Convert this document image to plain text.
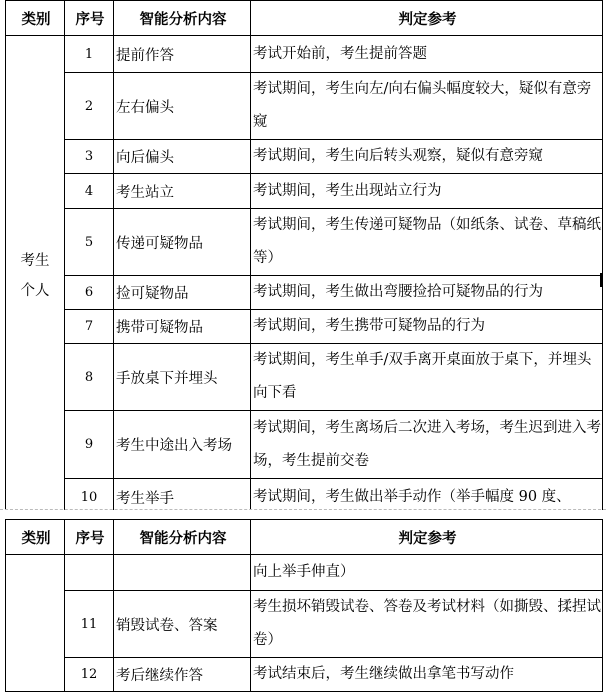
类别	序号	智能分析内容	判定参考

考生
个人	1	提前作答	考试开始前，考生提前答题
	2	左右偏头	考试期间，考生向左/向右偏头幅度较大，疑似有意旁窥
	3	向后偏头	考试期间，考生向后转头观察，疑似有意旁窥
	4	考生站立	考试期间，考生出现站立行为
	5	传递可疑物品	考试期间，考生传递可疑物品（如纸条、试卷、草稿纸等）
	6	捡可疑物品	考试期间，考生做出弯腰捡拾可疑物品的行为
	7	携带可疑物品	考试期间，考生携带可疑物品的行为
	8	手放桌下并埋头	考试期间，考生单手/双手离开桌面放于桌下，并埋头向下看
	9	考生中途出入考场	考试期间，考生离场后二次进入考场，考生迟到进入考场，考生提前交卷
	10	考生举手	考试期间，考生做出举手动作（举手幅度 90 度、
类别	序号	智能分析内容	判定参考
			向上举手伸直）
	11	销毁试卷、答案	考生损坏销毁试卷、答卷及考试材料（如撕毁、揉捏试卷）
	12	考后继续作答	考试结束后，考生继续做出拿笔书写动作
